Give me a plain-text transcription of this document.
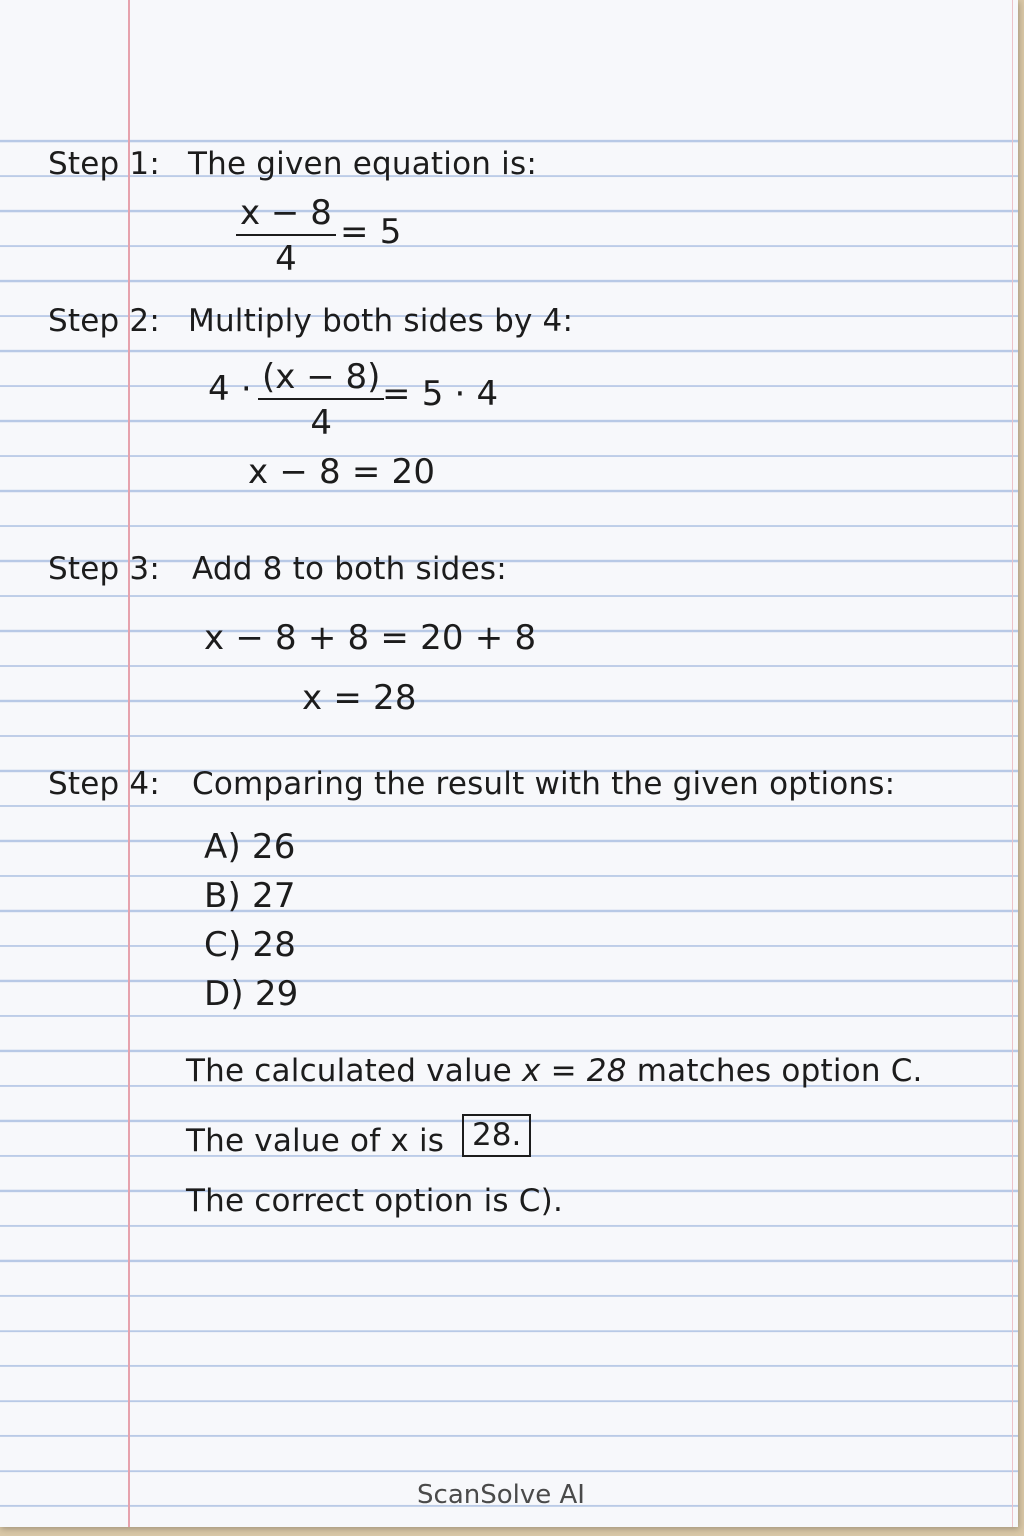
Step 1: The given equation is:
x − 8
4
= 5
Step 2: Multiply both sides by 4:
4 · (x − 8)
4
= 5 · 4
x − 8 = 20
Step 3: Add 8 to both sides:
x − 8 + 8 = 20 + 8
x = 28
Step 4: Comparing the result with the given options:
A) 26
B) 27
C) 28
D) 29
The calculated value x = 28 matches option C.
The value of x is 28.
The correct option is C).
ScanSolve AI
